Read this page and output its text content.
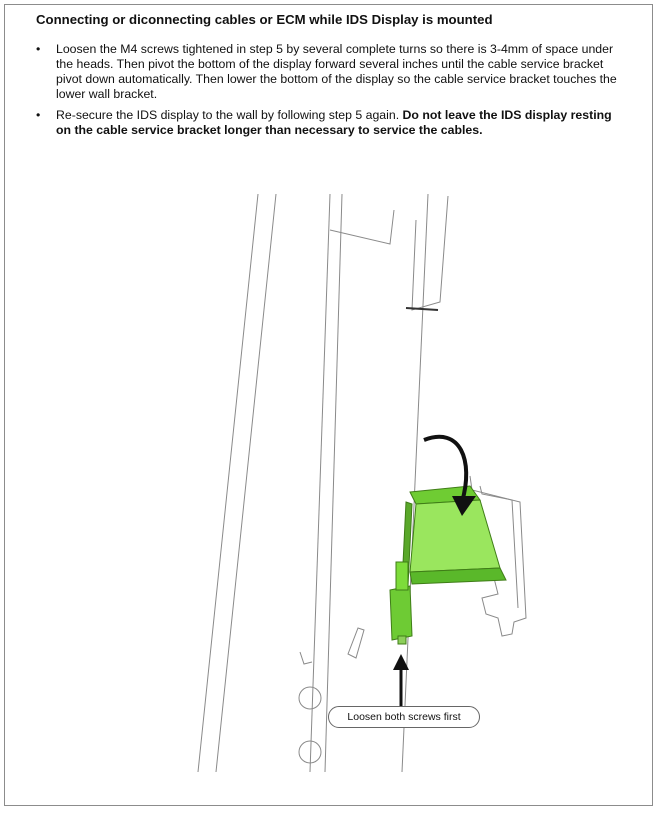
Connecting or diconnecting cables or ECM while IDS Display is mounted
• Loosen the M4 screws tightened in step 5 by several complete turns so there is 3-4mm of space under the heads. Then pivot the bottom of the display forward several inches until the cable service bracket pivot down automatically. Then lower the bottom of the display so the cable service bracket touches the lower wall bracket.
• Re-secure the IDS display to the wall by following step 5 again. Do not leave the IDS display resting on the cable service bracket longer than necessary to service the cables.
Loosen both screws first
